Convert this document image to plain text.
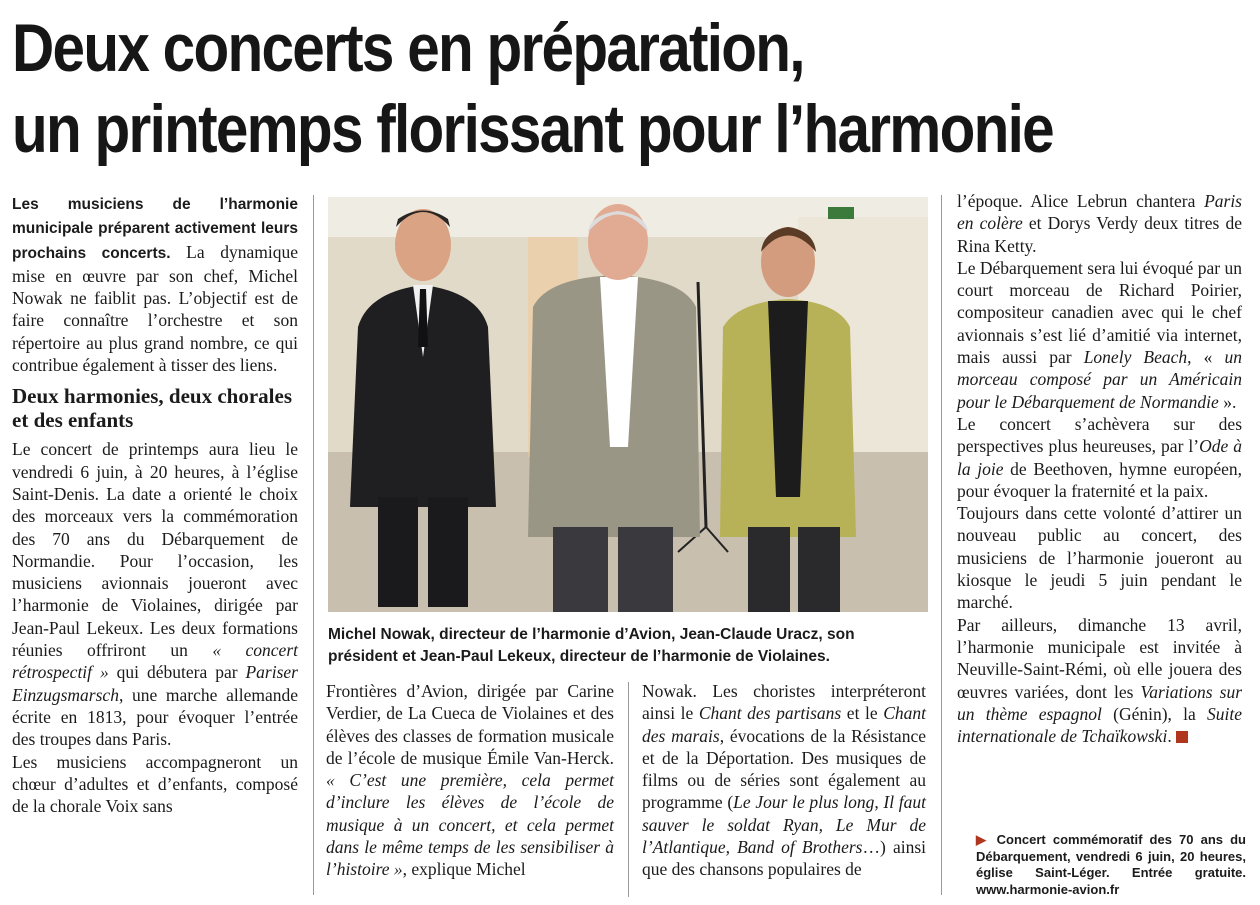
Deux concerts en préparation,
un printemps florissant pour l’harmonie

Les musiciens de l’harmonie municipale préparent activement leurs prochains concerts. La dynamique mise en œuvre par son chef, Michel Nowak ne faiblit pas. L’objectif est de faire connaître l’orchestre et son répertoire au plus grand nombre, ce qui contribue également à tisser des liens.

Deux harmonies, deux chorales et des enfants

Le concert de printemps aura lieu le vendredi 6 juin, à 20 heures, à l’église Saint-Denis. La date a orienté le choix des morceaux vers la commémoration des 70 ans du Débarquement de Normandie. Pour l’occasion, les musiciens avionnais joueront avec l’harmonie de Violaines, dirigée par Jean-Paul Lekeux. Les deux formations réunies offriront un « concert rétrospectif » qui débutera par Pariser Einzugsmarsch, une marche allemande écrite en 1813, pour évoquer l’entrée des troupes dans Paris.

Les musiciens accompagneront un chœur d’adultes et d’enfants, composé de la chorale Voix sans

Michel Nowak, directeur de l’harmonie d’Avion, Jean-Claude Uracz, son président et Jean-Paul Lekeux, directeur de l’harmonie de Violaines.

Frontières d’Avion, dirigée par Carine Verdier, de La Cueca de Violaines et des élèves des classes de formation musicale de l’école de musique Émile Van-Herck. « C’est une première, cela permet d’inclure les élèves de l’école de musique à un concert, et cela permet dans le même temps de les sensibiliser à l’histoire », explique Michel

Nowak. Les choristes interpréteront ainsi le Chant des partisans et le Chant des marais, évocations de la Résistance et de la Déportation. Des musiques de films ou de séries sont également au programme (Le Jour le plus long, Il faut sauver le soldat Ryan, Le Mur de l’Atlantique, Band of Brothers…) ainsi que des chansons populaires de

l’époque. Alice Lebrun chantera Paris en colère et Dorys Verdy deux titres de Rina Ketty.

Le Débarquement sera lui évoqué par un court morceau de Richard Poirier, compositeur canadien avec qui le chef avionnais s’est lié d’amitié via internet, mais aussi par Lonely Beach, « un morceau composé par un Américain pour le Débarquement de Normandie ».

Le concert s’achèvera sur des perspectives plus heureuses, par l’Ode à la joie de Beethoven, hymne européen, pour évoquer la fraternité et la paix.

Toujours dans cette volonté d’attirer un nouveau public au concert, des musiciens de l’harmonie joueront au kiosque le jeudi 5 juin pendant le marché.

Par ailleurs, dimanche 13 avril, l’harmonie municipale est invitée à Neuville-Saint-Rémi, où elle jouera des œuvres variées, dont les Variations sur un thème espagnol (Génin), la Suite internationale de Tchaïkowski.

▶ Concert commémoratif des 70 ans du Débarquement, vendredi 6 juin, 20 heures, église Saint-Léger. Entrée gratuite. www.harmonie-avion.fr
